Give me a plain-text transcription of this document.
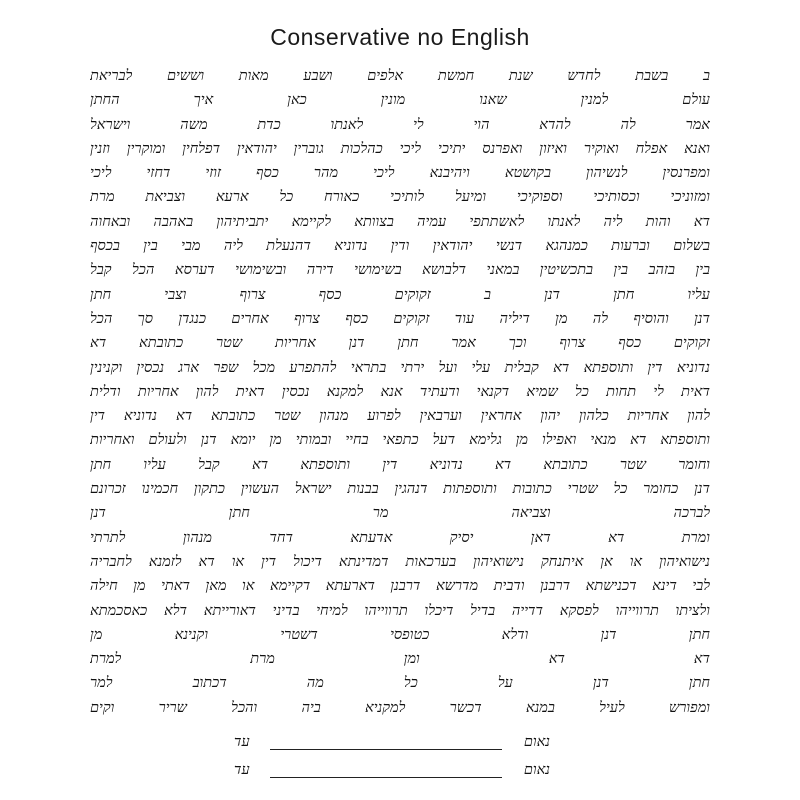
Conservative no English
ב בשבת לחדש שנת חמשת אלפים ושבע מאות וששים לבריאת
עולם למנין שאנו מונין כאן איך החתן
אמר לה להדא הוי לי לאנתו כדת משה וישראל
ואנא אפלח ואוקיר ואיזון ואפרנס יתיכי ליכי כהלכות גוברין יהודאין דפלחין ומוקרין וזנין
ומפרנסין לנשיהון בקושטא ויהיבנא ליכי מהר כסף זוזי דחזי ליכי
ומזוניכי וכסותיכי וספוקיכי ומיעל לותיכי כאורח כל ארעא וצביאת מרת
דא והות ליה לאנתו לאשתתפי עמיה בצוותא לקיימא יתביתיהון באהבה ובאחוה
בשלום וברעות כמנהגא דנשי יהודאין ודין נדוניא דהנעלת ליה מבי בין בכסף
בין בזהב בין בתכשיטין במאני דלבושא בשימושי דירה ובשימושי דערסא הכל קבל
עליו חתן דנן ב זקוקים כסף צרוף וצבי חתן
דנן והוסיף לה מן דיליה עוד זקוקים כסף צרוף אחרים כנגדן סך הכל
זקוקים כסף צרוף וכך אמר חתן דנן אחריות שטר כתובתא דא
נדוניא דין ותוספתא דא קבלית עלי ועל ירתי בתראי להתפרע מכל שפר ארג נכסין וקנינין
דאית לי תחות כל שמיא דקנאי ודעתיד אנא למקנא נכסין דאית להון אחריות ודלית
להון אחריות כלהון יהון אחראין וערבאין לפרוע מנהון שטר כתובתא דא נדוניא דין
ותוספתא דא מנאי ואפילו מן גלימא דעל כתפאי בחיי ובמותי מן יומא דנן ולעולם ואחריות
וחומר שטר כתובתא דא נדוניא דין ותוספתא דא קבל עליו חתן
דנן כחומר כל שטרי כתובות ותוספתות דנהגין בבנות ישראל העשוין כתקון חכמינו זכרונם
לברכה וצביאה מר חתן דנן
ומרת דא דאן יסיק אדעתא דחד מנהון לתרתי
נישואיהון או אן איתנחק נישואיהון בערכאות דמדינתא דיכול דין או דא לזמנא לחבריה
לבי דינא דכנישתא דרבנן ודבית מדרשא דרבנן דארעתא דקיימא או מאן דאתי מן חילה
ולציתו תרווייהו לפסקא דדייה בדיל דיכלו תרווייהו למיחי בדיני דאורייתא דלא כאסכמתא
חתן דנן ודלא כטופסי דשטרי וקנינא מן
דא דא ומן מרת למרת
חתן דנן על כל מה דכתוב למר
ומפורש לעיל במנא דכשר למקניא ביה והכל שריר וקים
עד	נאום
עד	נאום
